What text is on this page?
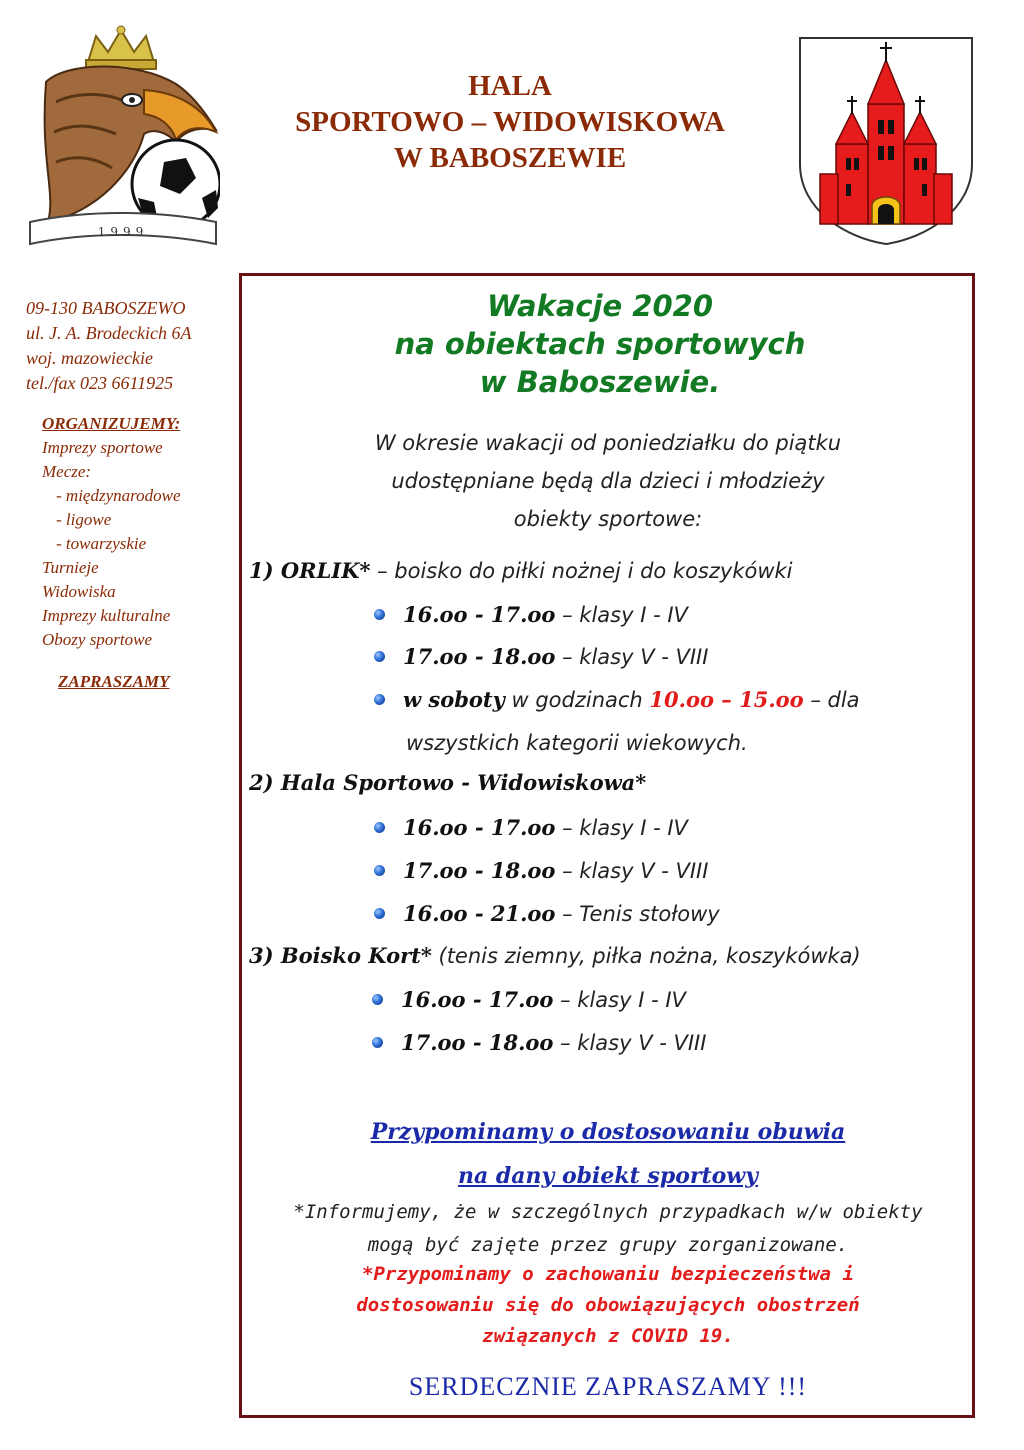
1999
HALA
SPORTOWO – WIDOWISKOWA
W BABOSZEWIE
09-130 BABOSZEWO
ul. J. A. Brodeckich 6A
woj. mazowieckie
tel./fax 023 6611925
ORGANIZUJEMY:
Imprezy sportowe
Mecze:
- międzynarodowe
- ligowe
- towarzyskie
Turnieje
Widowiska
Imprezy kulturalne
Obozy sportowe
ZAPRASZAMY
Wakacje 2020
na obiektach sportowych
w Baboszewie.
W okresie wakacji od poniedziałku do piątku
udostępniane będą dla dzieci i młodzieży
obiekty sportowe:
1) ORLIK* – boisko do piłki nożnej i do koszykówki
16.oo - 17.oo – klasy I - IV
17.oo - 18.oo – klasy V - VIII
w soboty w godzinach 10.oo – 15.oo – dla
wszystkich kategorii wiekowych.
2) Hala Sportowo - Widowiskowa*
16.oo - 17.oo – klasy I - IV
17.oo - 18.oo – klasy V - VIII
16.oo - 21.oo – Tenis stołowy
3) Boisko Kort* (tenis ziemny, piłka nożna, koszykówka)
16.oo - 17.oo – klasy I - IV
17.oo - 18.oo – klasy V - VIII
Przypominamy o dostosowaniu obuwia
na dany obiekt sportowy
*Informujemy, że w szczególnych przypadkach w/w obiekty
mogą być zajęte przez grupy zorganizowane.
*Przypominamy o zachowaniu bezpieczeństwa i
dostosowaniu się do obowiązujących obostrzeń
związanych z COVID 19.
SERDECZNIE ZAPRASZAMY !!!
